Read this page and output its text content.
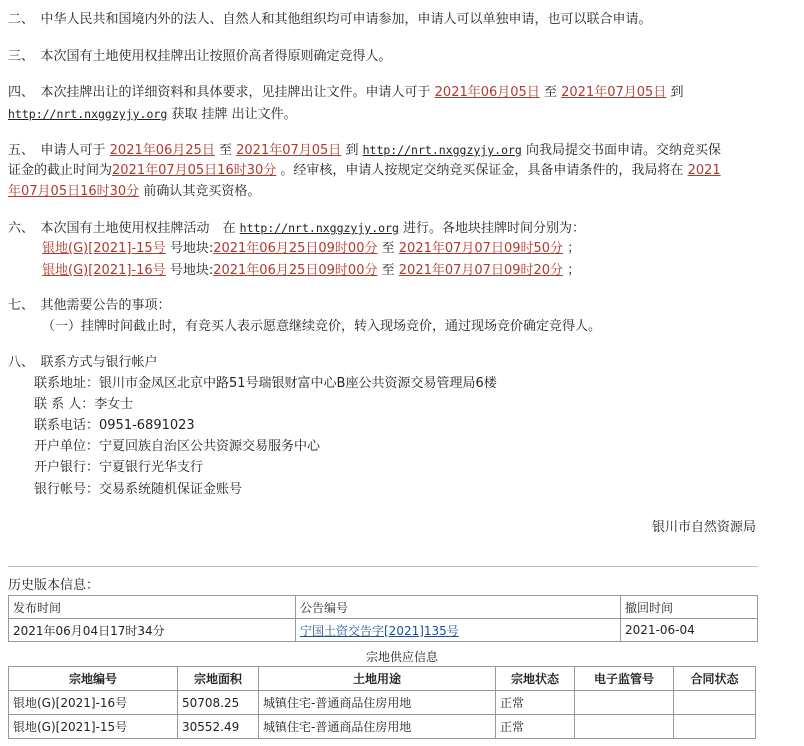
二、　中华人民共和国境内外的法人、自然人和其他组织均可申请参加，申请人可以单独申请，也可以联合申请。
三、　本次国有土地使用权挂牌出让按照价高者得原则确定竞得人。
四、　本次挂牌出让的详细资料和具体要求，见挂牌出让文件。申请人可于 2021年06月05日 至 2021年07月05日 到
http://nrt.nxggzyjy.org 获取 挂牌 出让文件。
五、　申请人可于 2021年06月25日 至 2021年07月05日 到 http://nrt.nxggzyjy.org 向我局提交书面申请。交纳竞买保
证金的截止时间为2021年07月05日16时30分 。经审核，申请人按规定交纳竞买保证金，具备申请条件的，我局将在 2021
年07月05日16时30分 前确认其竞买资格。
六、　本次国有土地使用权挂牌活动　在 http://nrt.nxggzyjy.org 进行。各地块挂牌时间分别为：
银地(G)[2021]-15号 号地块:2021年06月25日09时00分 至 2021年07月07日09时50分 ；
银地(G)[2021]-16号 号地块:2021年06月25日09时00分 至 2021年07月07日09时20分 ；
七、　其他需要公告的事项：
（一）挂牌时间截止时，有竞买人表示愿意继续竞价，转入现场竞价，通过现场竞价确定竞得人。
八、　联系方式与银行帐户
联系地址：银川市金凤区北京中路51号瑞银财富中心B座公共资源交易管理局6楼
联 系 人：李女士
联系电话：0951-6891023
开户单位：宁夏回族自治区公共资源交易服务中心
开户银行：宁夏银行光华支行
银行帐号：交易系统随机保证金账号
银川市自然资源局
历史版本信息：
发布时间	公告编号	撤回时间
2021年06月04日17时34分	宁国土资交告字[2021]135号	2021-06-04
宗地供应信息
宗地编号	宗地面积	土地用途	宗地状态	电子监管号	合同状态
银地(G)[2021]-16号	50708.25	城镇住宅-普通商品住房用地	正常		
银地(G)[2021]-15号	30552.49	城镇住宅-普通商品住房用地	正常		
